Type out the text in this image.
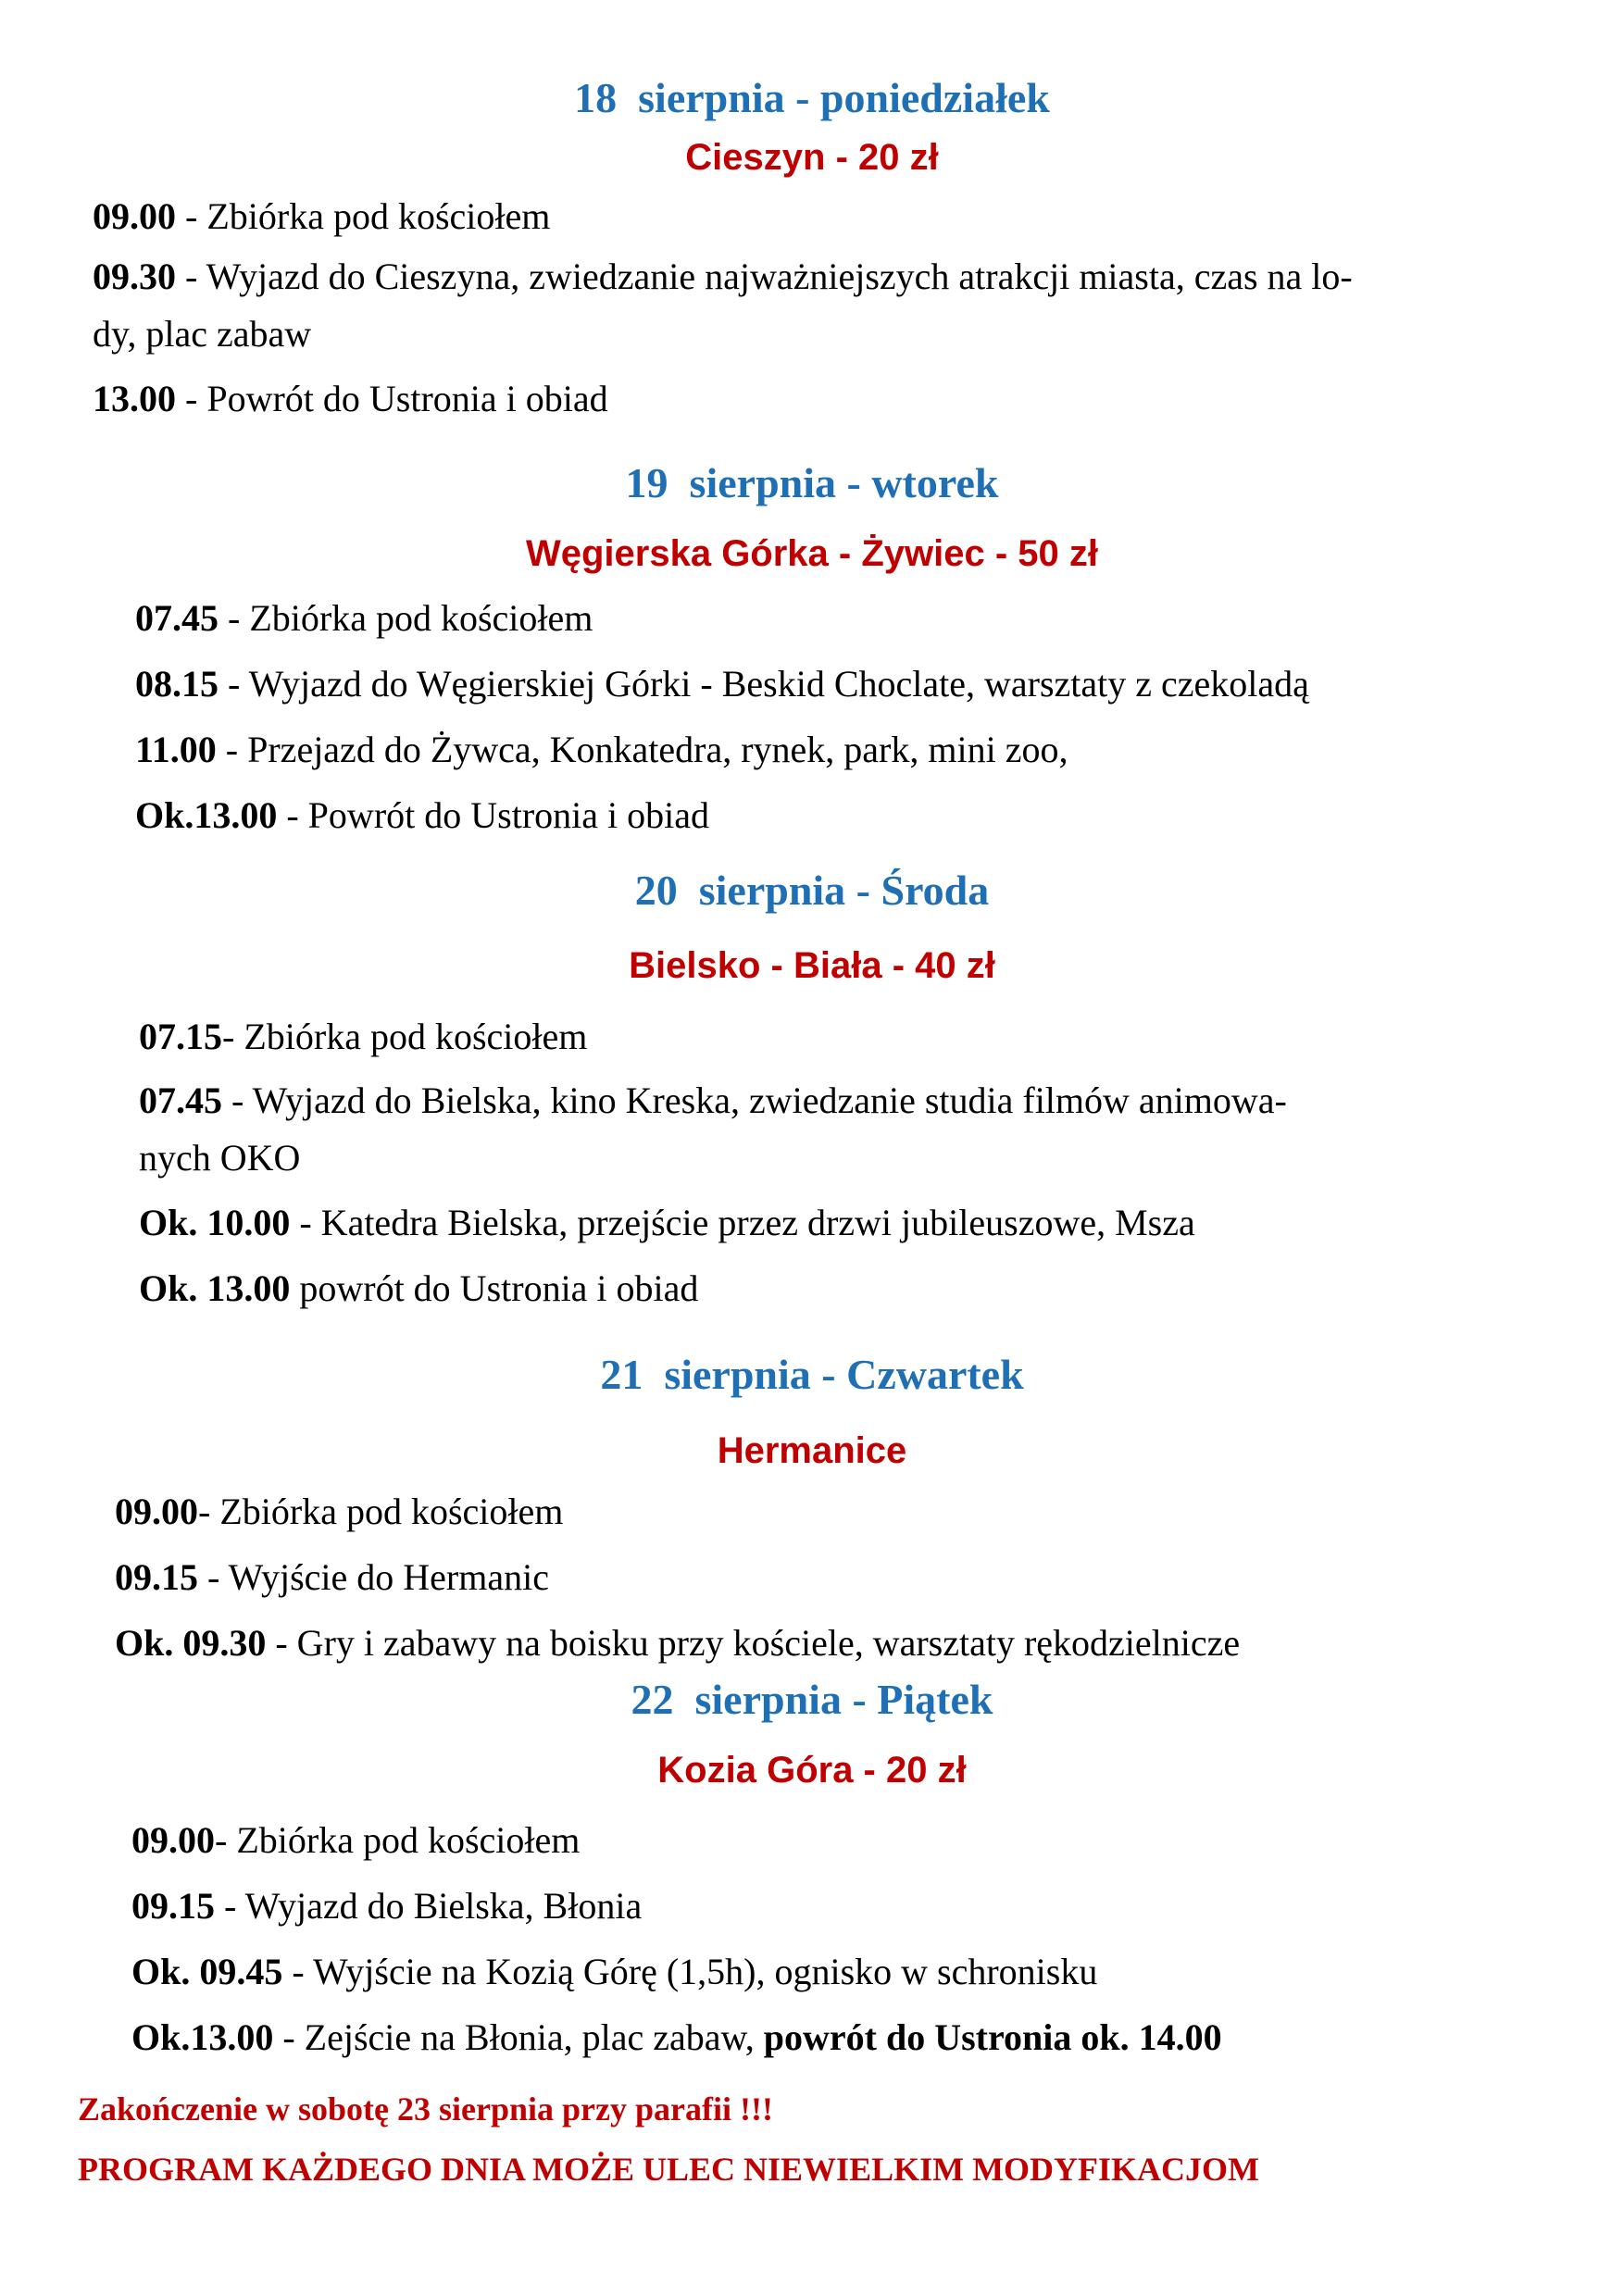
18  sierpnia - poniedziałek
Cieszyn - 20 zł
09.00 - Zbiórka pod kościołem
09.30 - Wyjazd do Cieszyna, zwiedzanie najważniejszych atrakcji miasta, czas na lo-
dy, plac zabaw
13.00 - Powrót do Ustronia i obiad
19  sierpnia - wtorek
Węgierska Górka - Żywiec - 50 zł
07.45 - Zbiórka pod kościołem
08.15 - Wyjazd do Węgierskiej Górki - Beskid Choclate, warsztaty z czekoladą
11.00 - Przejazd do Żywca, Konkatedra, rynek, park, mini zoo,
Ok.13.00 - Powrót do Ustronia i obiad
20  sierpnia - Środa
Bielsko - Biała - 40 zł
07.15- Zbiórka pod kościołem
07.45 - Wyjazd do Bielska, kino Kreska, zwiedzanie studia filmów animowa-
nych OKO
Ok. 10.00 - Katedra Bielska, przejście przez drzwi jubileuszowe, Msza
Ok. 13.00 powrót do Ustronia i obiad
21  sierpnia - Czwartek
Hermanice
09.00- Zbiórka pod kościołem
09.15 - Wyjście do Hermanic
Ok. 09.30 - Gry i zabawy na boisku przy kościele, warsztaty rękodzielnicze
22  sierpnia - Piątek
Kozia Góra - 20 zł
09.00- Zbiórka pod kościołem
09.15 - Wyjazd do Bielska, Błonia
Ok. 09.45 - Wyjście na Kozią Górę (1,5h), ognisko w schronisku
Ok.13.00 - Zejście na Błonia, plac zabaw, powrót do Ustronia ok. 14.00
Zakończenie w sobotę 23 sierpnia przy parafii !!!
PROGRAM KAŻDEGO DNIA MOŻE ULEC NIEWIELKIM MODYFIKACJOM
